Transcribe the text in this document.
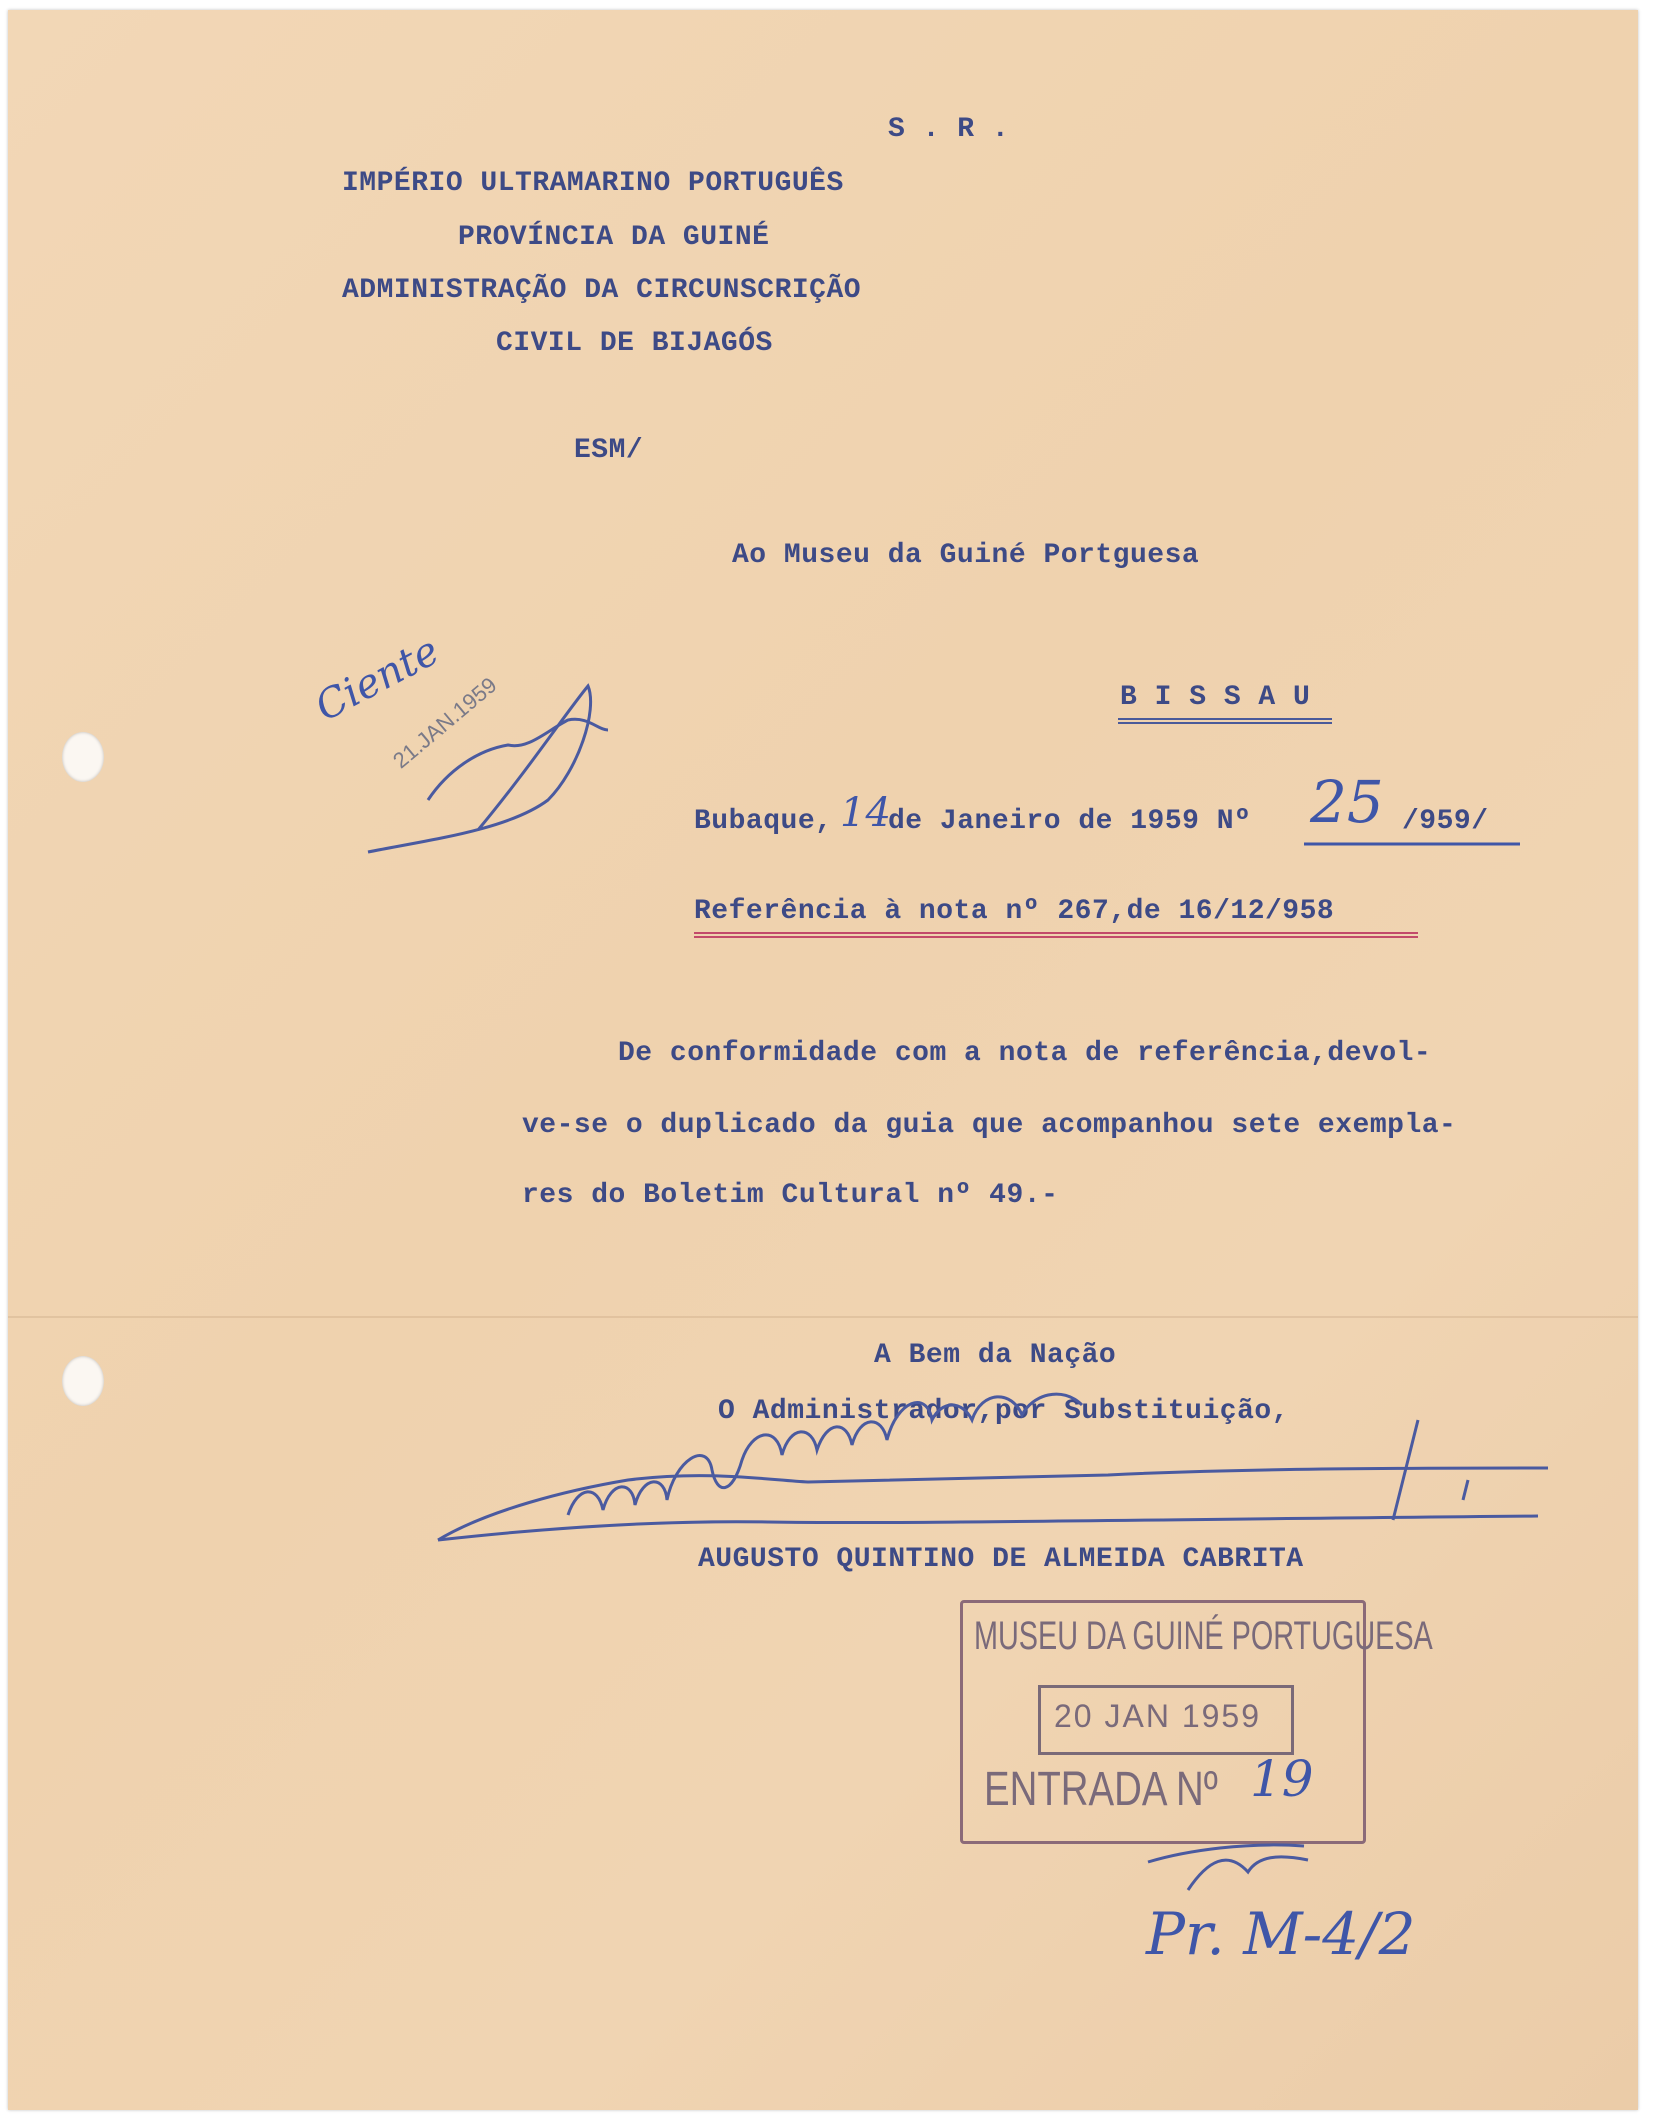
S . R .
IMPÉRIO ULTRAMARINO PORTUGUÊS
PROVÍNCIA DA GUINÉ
ADMINISTRAÇÃO DA CIRCUNSCRIÇÃO
CIVIL DE BIJAGÓS
ESM/
Ao Museu da Guiné Portguesa
B I S S A U
Bubaque, 14
de Janeiro de 1959 Nº 25 /959/
Referência à nota nº 267,de 16/12/958
De conformidade com a nota de referência,devol-
ve-se o duplicado da guia que acompanhou sete exempla-
res do Boletim Cultural nº 49.-
A Bem da Nação
O Administrador,por Substituição,
AUGUSTO QUINTINO DE ALMEIDA CABRITA
Ciente
21.JAN.1959
MUSEU DA GUINÉ PORTUGUESA
20 JAN 1959
ENTRADA Nº 19
Pr. M-4/2
